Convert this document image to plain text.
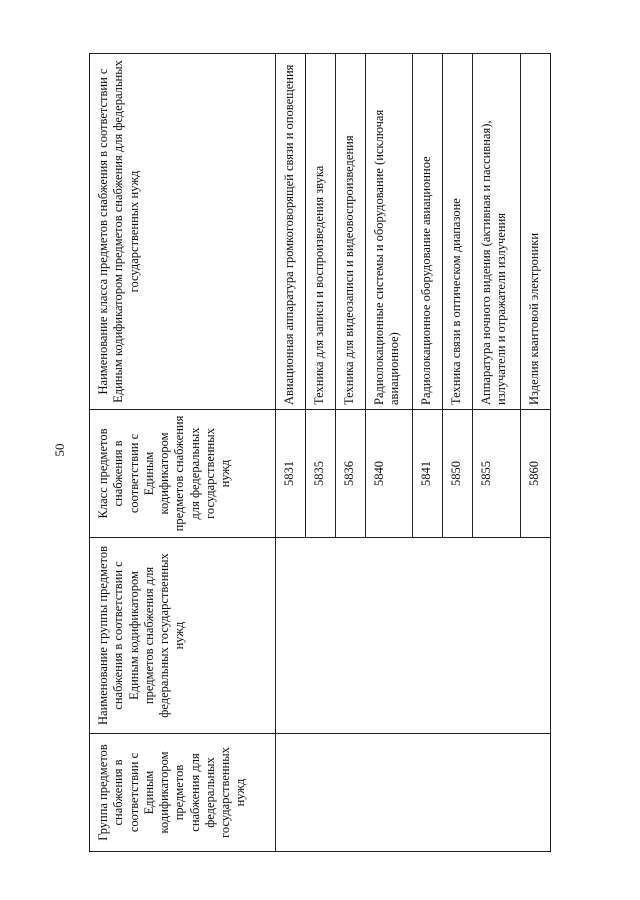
50
Группа предметов снабжения в соответствии с Единым кодификатором предметов снабжения для федеральных государственных нужд	Наименование группы предметов снабжения в соответствии с Единым кодификатором предметов снабжения для федеральных государственных нужд	Класс предметов снабжения в соответствии с Единым кодификатором предметов снабжения для федеральных государственных нужд	Наименование класса предметов снабжения в соответствии с Единым кодификатором предметов снабжения для федеральных государственных нужд
		5831	Авиационная аппаратура громкоговорящей связи и оповещения
		5835	Техника для записи и воспроизведения звука
		5836	Техника для видеозаписи и видеовоспроизведения
		5840	Радиолокационные системы и оборудование (исключая авиационное)
		5841	Радиолокационное оборудование авиационное
		5850	Техника связи в оптическом диапазоне
		5855	Аппаратура ночного видения (активная и пассивная), излучатели и отражатели излучения
		5860	Изделия квантовой электроники
